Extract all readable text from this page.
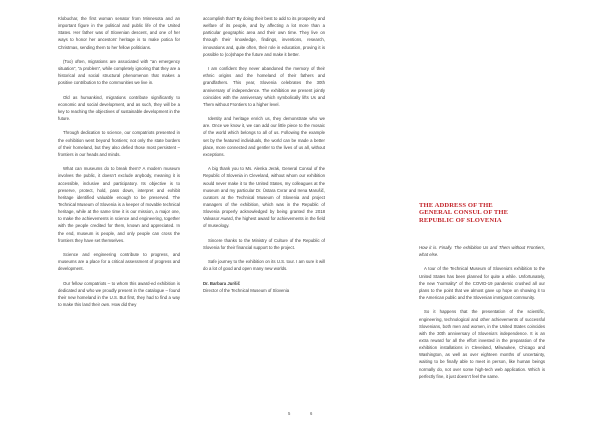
Klobuchar, the first woman senator from Minnesota and an important figure in the political and public life of the United States. Her father was of Slovenian descent, and one of her ways to honor her ancestors’ heritage is to make potica for Christmas, sending them to her fellow politicians.

(Too) often, migrations are associated with “an emergency situation”, “a problem”, while completely ignoring that they are a historical and social structural phenomenon that makes a positive contribution to the communities we live in.

Old as humankind, migrations contribute significantly to economic and social development, and as such, they will be a key to reaching the objectives of sustainable development in the future.

Through dedication to science, our compatriots presented in the exhibition went beyond frontiers; not only the state borders of their homeland, but they also defied those most persistent – frontiers in our heads and minds.

What can museums do to break them? A modern museum involves the public, it doesn’t exclude anybody, meaning it is accessible, inclusive and participatory. Its objective is to preserve, protect, hold, pass down, interpret and exhibit heritage identified valuable enough to be preserved. The Technical Museum of Slovenia is a keeper of movable technical heritage, while at the same time it is our mission, a major one, to make the achievements in science and engineering, together with the people credited for them, known and appreciated. In the end, museum is people, and only people can cross the frontiers they have set themselves.

Science and engineering contribute to progress, and museums are a place for a critical assessment of progress and development.

Our fellow compatriots – to whom this award-ed exhibition is dedicated and who we proudly present in the catalogue – found their new homeland in the U.S. But first, they had to find a way to make this land their own. How did they

accomplish that? By doing their best to add to its prosperity and welfare of its people, and by affecting a lot more than a particular geographic area and their own time. They live on through their knowledge, findings, inventions, research, innovations and, quite often, their role in education, proving it is possible to (co)shape the future and make it better.

I am confident they never abandoned the memory of their ethnic origins and the homeland of their fathers and grandfathers. This year, Slovenia celebrates the 30th anniversary of independence. The exhibition we present jointly coincides with the anniversary which symbolically lifts Us and Them without Frontiers to a higher level.

Identity and heritage enrich us, they demonstrate who we are. Once we know it, we can add our little piece to the mosaic of the world which belongs to all of us. Following the example set by the featured individuals, the world can be made a better place, more connected and gentler to the lives of us all, without exceptions.

A big thank you to Ms. Alenka Jerak, General Consul of the Republic of Slovenia in Cleveland, without whom our exhibition would never make it to the United States, my colleagues at the museum and my particular Dr. Üstara Cvrar and Irena Marušič, curators at the Technical Museum of Slovenia and project managers of the exhibition, which was in the Republic of Slovenia properly acknowledged by being granted the 2018 Valvasor Award, the highest award for achievements in the field of museology.

Sincere thanks to the Ministry of Culture of the Republic of Slovenia for their financial support to the project.

Safe journey to the exhibition on its U.S. tour. I am sure it will do a lot of good and open many new worlds.

Dr. Barbara Juršič
Director of the Technical Museum of Slovenia
THE ADDRESS OF THE
GENERAL CONSUL OF THE
REPUBLIC OF SLOVENIA

How it is. Finally. The exhibition Us and Them without Frontiers, what else.

A tour of the Technical Museum of Slovenia’s exhibition to the United States has been planned for quite a while. Unfortunately, the new “normality” of the COVID-19 pandemic crushed all our plans to the point that we almost gave up hope on showing it to the American public and the Slovenian immigrant community.

So it happens that the presentation of the scientific, engineering, technological and other achievements of successful Slovenians, both men and women, in the United States coincides with the 30th anniversary of Slovenia’s independence. It is an extra reward for all the effort invested in the preparation of the exhibition installations in Cleveland, Milwaukee, Chicago and Washington, as well as over eighteen months of uncertainty, waiting to be finally able to meet in person, like human beings normally do, not over some high-tech web application. Which is perfectly fine, it just doesn’t feel the same.

5	6
